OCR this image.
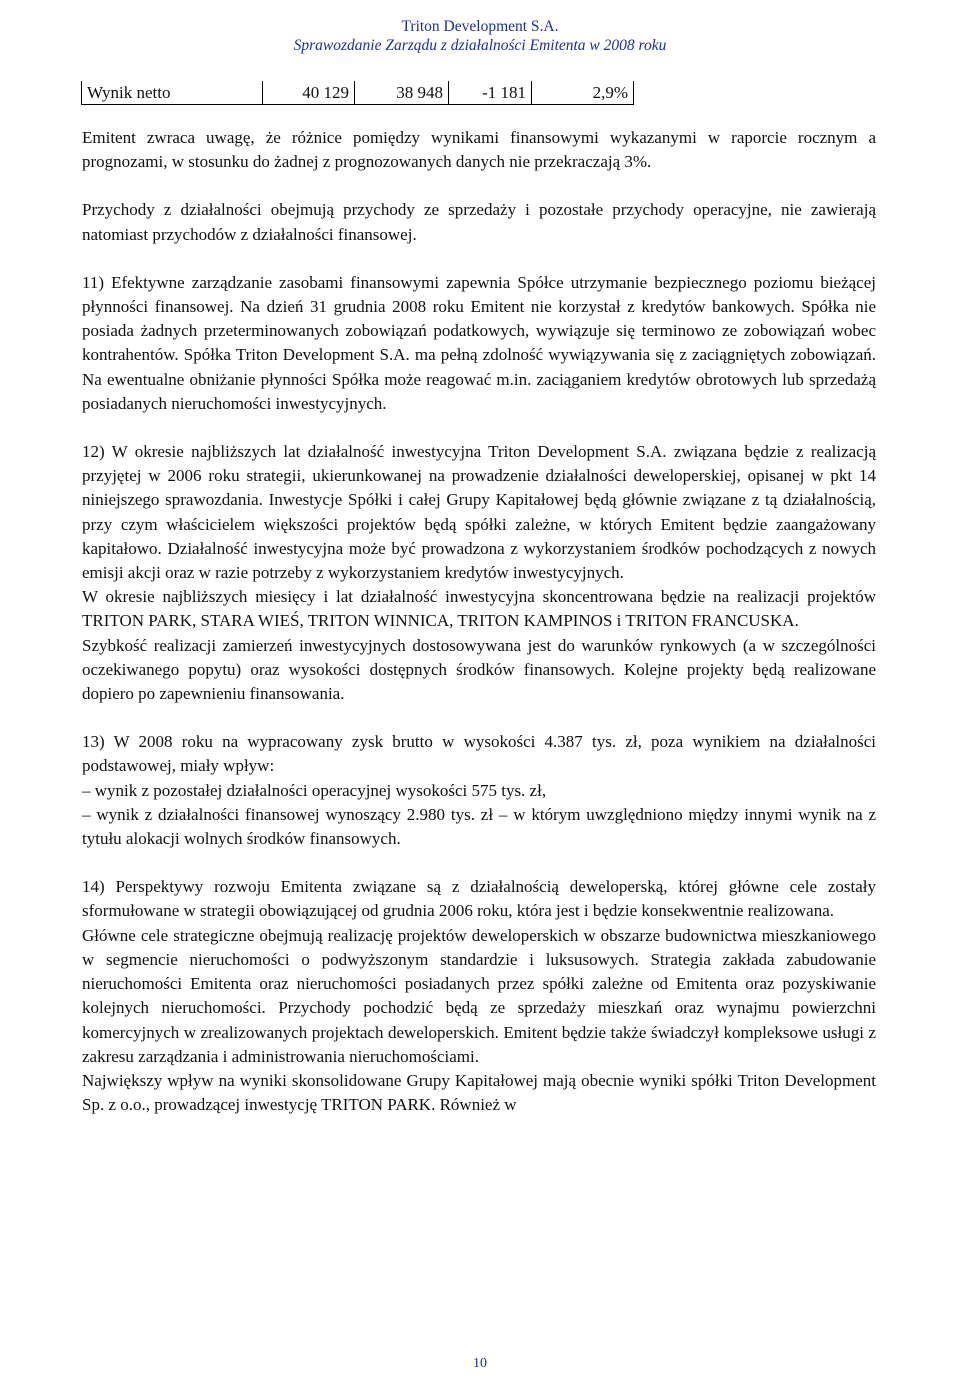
Triton Development S.A.
Sprawozdanie Zarządu z działalności Emitenta w 2008 roku
Wynik netto	40 129	38 948	-1 181	2,9%

Emitent zwraca uwagę, że różnice pomiędzy wynikami finansowymi wykazanymi w raporcie rocznym a prognozami, w stosunku do żadnej z prognozowanych danych nie przekraczają 3%.

Przychody z działalności obejmują przychody ze sprzedaży i pozostałe przychody operacyjne, nie zawierają natomiast przychodów z działalności finansowej.

11) Efektywne zarządzanie zasobami finansowymi zapewnia Spółce utrzymanie bezpiecznego poziomu bieżącej płynności finansowej. Na dzień 31 grudnia 2008 roku Emitent nie korzystał z kredytów bankowych. Spółka nie posiada żadnych przeterminowanych zobowiązań podatkowych, wywiązuje się terminowo ze zobowiązań wobec kontrahentów. Spółka Triton Development S.A. ma pełną zdolność wywiązywania się z zaciągniętych zobowiązań. Na ewentualne obniżanie płynności Spółka może reagować m.in. zaciąganiem kredytów obrotowych lub sprzedażą posiadanych nieruchomości inwestycyjnych.

12) W okresie najbliższych lat działalność inwestycyjna Triton Development S.A. związana będzie z realizacją przyjętej w 2006 roku strategii, ukierunkowanej na prowadzenie działalności deweloperskiej, opisanej w pkt 14 niniejszego sprawozdania. Inwestycje Spółki i całej Grupy Kapitałowej będą głównie związane z tą działalnością, przy czym właścicielem większości projektów będą spółki zależne, w których Emitent będzie zaangażowany kapitałowo. Działalność inwestycyjna może być prowadzona z wykorzystaniem środków pochodzących z nowych emisji akcji oraz w razie potrzeby z wykorzystaniem kredytów inwestycyjnych.

W okresie najbliższych miesięcy i lat działalność inwestycyjna skoncentrowana będzie na realizacji projektów TRITON PARK, STARA WIEŚ, TRITON WINNICA, TRITON KAMPINOS i TRITON FRANCUSKA.

Szybkość realizacji zamierzeń inwestycyjnych dostosowywana jest do warunków rynkowych (a w szczególności oczekiwanego popytu) oraz wysokości dostępnych środków finansowych. Kolejne projekty będą realizowane dopiero po zapewnieniu finansowania.

13) W 2008 roku na wypracowany zysk brutto w wysokości 4.387 tys. zł, poza wynikiem na działalności podstawowej, miały wpływ:

– wynik z pozostałej działalności operacyjnej wysokości 575 tys. zł,

– wynik z działalności finansowej wynoszący 2.980 tys. zł – w którym uwzględniono między innymi wynik na z tytułu alokacji wolnych środków finansowych.

14) Perspektywy rozwoju Emitenta związane są z działalnością deweloperską, której główne cele zostały sformułowane w strategii obowiązującej od grudnia 2006 roku, która jest i będzie konsekwentnie realizowana.

Główne cele strategiczne obejmują realizację projektów deweloperskich w obszarze budownictwa mieszkaniowego w segmencie nieruchomości o podwyższonym standardzie i luksusowych. Strategia zakłada zabudowanie nieruchomości Emitenta oraz nieruchomości posiadanych przez spółki zależne od Emitenta oraz pozyskiwanie kolejnych nieruchomości. Przychody pochodzić będą ze sprzedaży mieszkań oraz wynajmu powierzchni komercyjnych w zrealizowanych projektach deweloperskich. Emitent będzie także świadczył kompleksowe usługi z zakresu zarządzania i administrowania nieruchomościami.

Największy wpływ na wyniki skonsolidowane Grupy Kapitałowej mają obecnie wyniki spółki Triton Development Sp. z o.o., prowadzącej inwestycję TRITON PARK. Również w

10
